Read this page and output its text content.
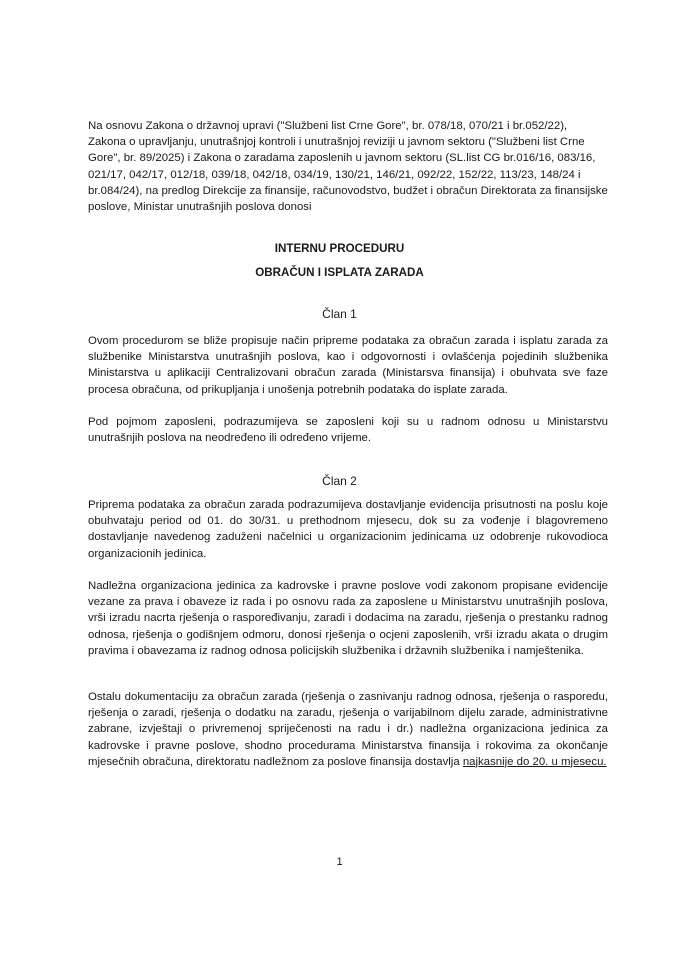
Na osnovu Zakona o državnoj upravi ("Službeni list Crne Gore", br. 078/18, 070/21 i br.052/22), Zakona o upravljanju, unutrašnjoj kontroli i unutrašnjoj reviziji u javnom sektoru ("Službeni list Crne Gore", br. 89/2025) i Zakona o zaradama zaposlenih u javnom sektoru (SL.list CG br.016/16, 083/16, 021/17, 042/17, 012/18, 039/18, 042/18, 034/19, 130/21, 146/21, 092/22, 152/22, 113/23, 148/24 i br.084/24), na predlog Direkcije za finansije, računovodstvo, budžet i obračun Direktorata za finansijske poslove, Ministar unutrašnjih poslova donosi
INTERNU PROCEDURU
OBRAČUN I ISPLATA ZARADA
Član 1
Ovom procedurom se bliže propisuje način pripreme podataka za obračun zarada i isplatu zarada za službenike Ministarstva unutrašnjih poslova, kao i odgovornosti i ovlašćenja pojedinih službenika Ministarstva u aplikaciji Centralizovani obračun zarada (Ministarsva finansija) i obuhvata sve faze procesa obračuna, od prikupljanja i unošenja potrebnih podataka do isplate zarada.
Pod pojmom zaposleni, podrazumijeva se zaposleni koji su u radnom odnosu u Ministarstvu unutrašnjih poslova na neodređeno ili određeno vrijeme.
Član 2
Priprema podataka za obračun zarada podrazumijeva dostavljanje evidencija prisutnosti na poslu koje obuhvataju period od 01. do 30/31. u prethodnom mjesecu, dok su za vođenje i blagovremeno dostavljanje navedenog zaduženi načelnici u organizacionim jedinicama uz odobrenje rukovodioca organizacionih jedinica.
Nadležna organizaciona jedinica za kadrovske i pravne poslove vodi zakonom propisane evidencije vezane za prava i obaveze iz rada i po osnovu rada za zaposlene u Ministarstvu unutrašnjih poslova, vrši izradu nacrta rješenja o raspoređivanju, zaradi i dodacima na zaradu, rješenja o prestanku radnog odnosa, rješenja o godišnjem odmoru, donosi rješenja o ocjeni zaposlenih, vrši izradu akata o drugim pravima i obavezama iz radnog odnosa policijskih službenika i državnih službenika i namještenika.
Ostalu dokumentaciju za obračun zarada (rješenja o zasnivanju radnog odnosa, rješenja o rasporedu, rješenja o zaradi, rješenja o dodatku na zaradu, rješenja o varijabilnom dijelu zarade, administrativne zabrane, izvještaji o privremenoj spriječenosti na radu i dr.) nadležna organizaciona jedinica za kadrovske i pravne poslove, shodno procedurama Ministarstva finansija i rokovima za okončanje mjesečnih obračuna, direktoratu nadležnom za poslove finansija dostavlja najkasnije do 20. u mjesecu.
1
